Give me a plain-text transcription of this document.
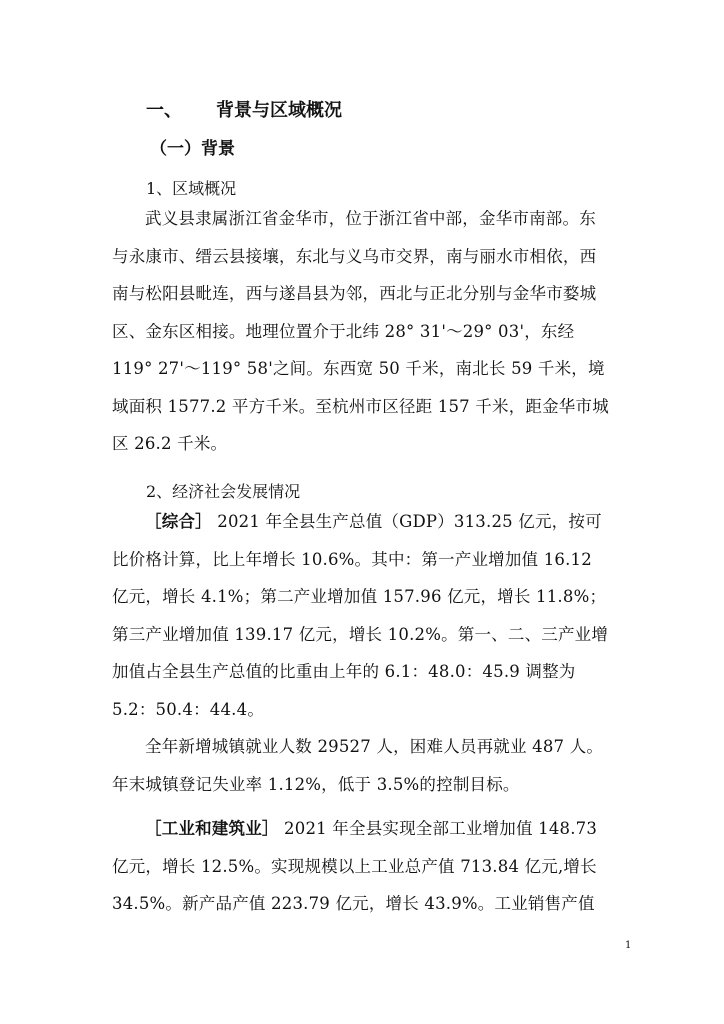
一、 背景与区域概况
（一）背景
1、区域概况
武义县隶属浙江省金华市，位于浙江省中部，金华市南部。东与永康市、缙云县接壤，东北与义乌市交界，南与丽水市相依，西南与松阳县毗连，西与遂昌县为邻，西北与正北分别与金华市婺城区、金东区相接。地理位置介于北纬 28° 31'～29° 03'，东经 119° 27'～119° 58'之间。东西宽 50 千米，南北长 59 千米，境域面积 1577.2 平方千米。至杭州市区径距 157 千米，距金华市城区 26.2 千米。
2、经济社会发展情况
［综合］ 2021 年全县生产总值（GDP）313.25 亿元，按可比价格计算，比上年增长 10.6%。其中：第一产业增加值 16.12 亿元，增长 4.1%；第二产业增加值 157.96 亿元，增长 11.8%；第三产业增加值 139.17 亿元，增长 10.2%。第一、二、三产业增加值占全县生产总值的比重由上年的 6.1：48.0：45.9 调整为 5.2：50.4：44.4。
全年新增城镇就业人数 29527 人，困难人员再就业 487 人。年末城镇登记失业率 1.12%，低于 3.5%的控制目标。
［工业和建筑业］ 2021 年全县实现全部工业增加值 148.73 亿元，增长 12.5%。实现规模以上工业总产值 713.84 亿元,增长 34.5%。新产品产值 223.79 亿元，增长 43.9%。工业销售产值
1
